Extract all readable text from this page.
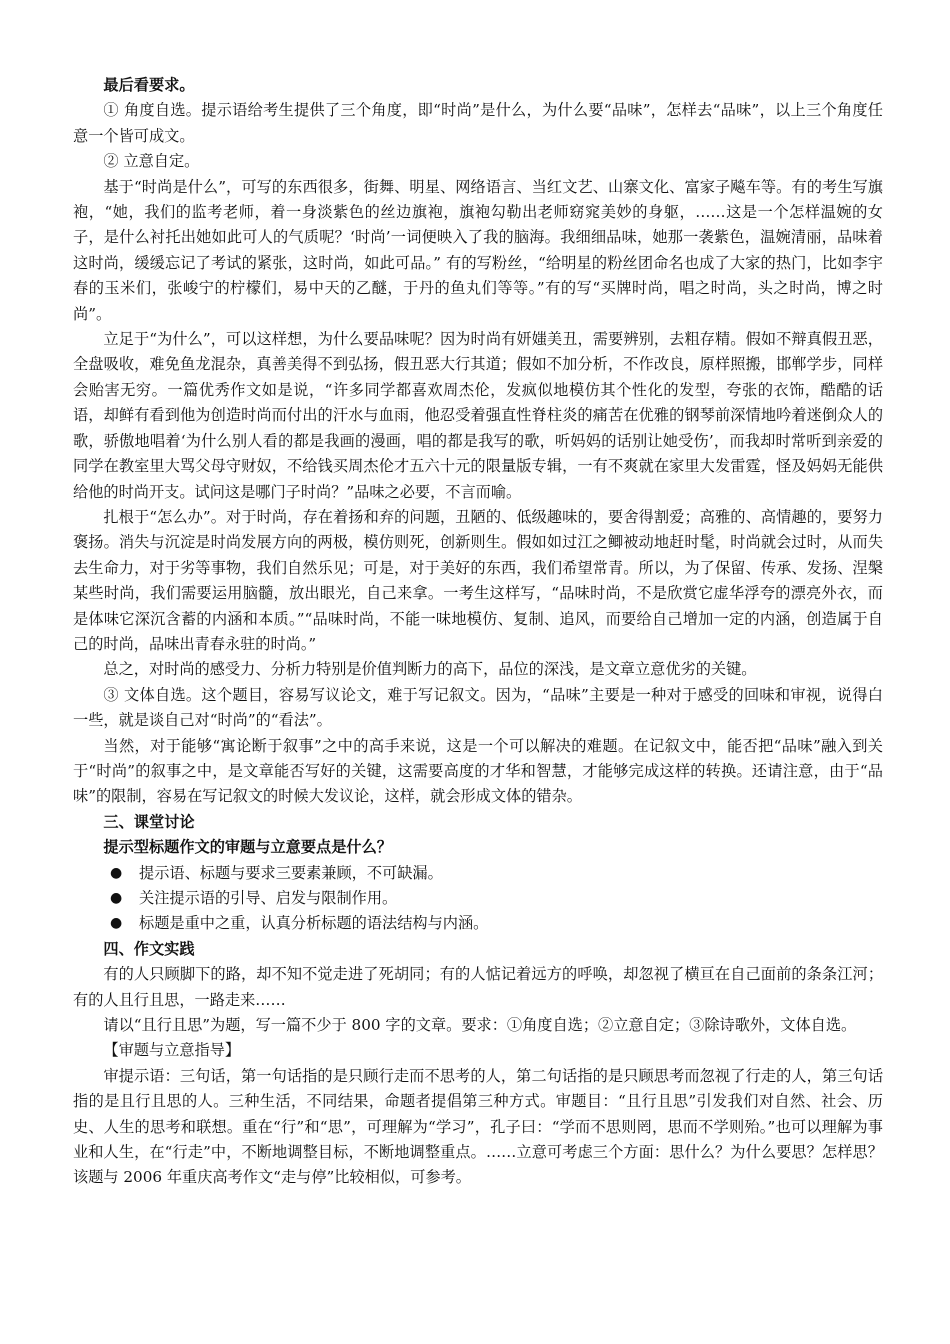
最后看要求。

① 角度自选。提示语给考生提供了三个角度，即“时尚”是什么，为什么要“品味”，怎样去“品味”，以上三个角度任意一个皆可成文。

② 立意自定。

基于“时尚是什么”，可写的东西很多，街舞、明星、网络语言、当红文艺、山寨文化、富家子飚车等。有的考生写旗袍，“她，我们的监考老师，着一身淡紫色的丝边旗袍，旗袍勾勒出老师窈窕美妙的身躯，……这是一个怎样温婉的女子，是什么衬托出她如此可人的气质呢？‘时尚’一词便映入了我的脑海。我细细品味，她那一袭紫色，温婉清丽，品味着这时尚，缓缓忘记了考试的紧张，这时尚，如此可品。” 有的写粉丝，“给明星的粉丝团命名也成了大家的热门，比如李宇春的玉米们，张峻宁的柠檬们，易中天的乙醚，于丹的鱼丸们等等。”有的写“买牌时尚，唱之时尚，头之时尚，博之时尚”。

立足于“为什么”，可以这样想，为什么要品味呢？因为时尚有妍媸美丑，需要辨别，去粗存精。假如不辩真假丑恶，全盘吸收，难免鱼龙混杂，真善美得不到弘扬，假丑恶大行其道；假如不加分析，不作改良，原样照搬，邯郸学步，同样会贻害无穷。一篇优秀作文如是说，“许多同学都喜欢周杰伦，发疯似地模仿其个性化的发型，夸张的衣饰，酷酷的话语，却鲜有看到他为创造时尚而付出的汗水与血雨，他忍受着强直性脊柱炎的痛苦在优雅的钢琴前深情地吟着迷倒众人的歌，骄傲地唱着‘为什么别人看的都是我画的漫画，唱的都是我写的歌，听妈妈的话别让她受伤’，而我却时常听到亲爱的同学在教室里大骂父母守财奴，不给钱买周杰伦才五六十元的限量版专辑，一有不爽就在家里大发雷霆，怪及妈妈无能供给他的时尚开支。试问这是哪门子时尚？”品味之必要，不言而喻。

扎根于“怎么办”。对于时尚，存在着扬和弃的问题，丑陋的、低级趣味的，要舍得割爱；高雅的、高情趣的，要努力褒扬。消失与沉淀是时尚发展方向的两极，模仿则死，创新则生。假如如过江之鲫被动地赶时髦，时尚就会过时，从而失去生命力，对于劣等事物，我们自然乐见；可是，对于美好的东西，我们希望常青。所以，为了保留、传承、发扬、涅槃某些时尚，我们需要运用脑髓，放出眼光，自己来拿。一考生这样写，“品味时尚，不是欣赏它虚华浮夸的漂亮外衣，而是体味它深沉含蓄的内涵和本质。”“品味时尚，不能一味地模仿、复制、追风，而要给自己增加一定的内涵，创造属于自己的时尚，品味出青春永驻的时尚。”

总之，对时尚的感受力、分析力特别是价值判断力的高下，品位的深浅，是文章立意优劣的关键。

③ 文体自选。这个题目，容易写议论文，难于写记叙文。因为，“品味”主要是一种对于感受的回味和审视，说得白一些，就是谈自己对“时尚”的“看法”。

当然，对于能够“寓论断于叙事”之中的高手来说，这是一个可以解决的难题。在记叙文中，能否把“品味”融入到关于“时尚”的叙事之中，是文章能否写好的关键，这需要高度的才华和智慧，才能够完成这样的转换。还请注意，由于“品味”的限制，容易在写记叙文的时候大发议论，这样，就会形成文体的错杂。

三、课堂讨论

提示型标题作文的审题与立意要点是什么？

● 提示语、标题与要求三要素兼顾，不可缺漏。

● 关注提示语的引导、启发与限制作用。

● 标题是重中之重，认真分析标题的语法结构与内涵。

四、作文实践

有的人只顾脚下的路，却不知不觉走进了死胡同；有的人惦记着远方的呼唤，却忽视了横亘在自己面前的条条江河；有的人且行且思，一路走来……

请以“且行且思”为题，写一篇不少于 800 字的文章。要求：①角度自选；②立意自定；③除诗歌外，文体自选。

【审题与立意指导】

审提示语：三句话，第一句话指的是只顾行走而不思考的人，第二句话指的是只顾思考而忽视了行走的人，第三句话指的是且行且思的人。三种生活，不同结果，命题者提倡第三种方式。审题目：“且行且思”引发我们对自然、社会、历史、人生的思考和联想。重在“行”和“思”，可理解为“学习”，孔子曰：“学而不思则罔，思而不学则殆。”也可以理解为事业和人生，在“行走”中，不断地调整目标，不断地调整重点。……立意可考虑三个方面：思什么？为什么要思？怎样思？该题与 2006 年重庆高考作文“走与停”比较相似，可参考。
